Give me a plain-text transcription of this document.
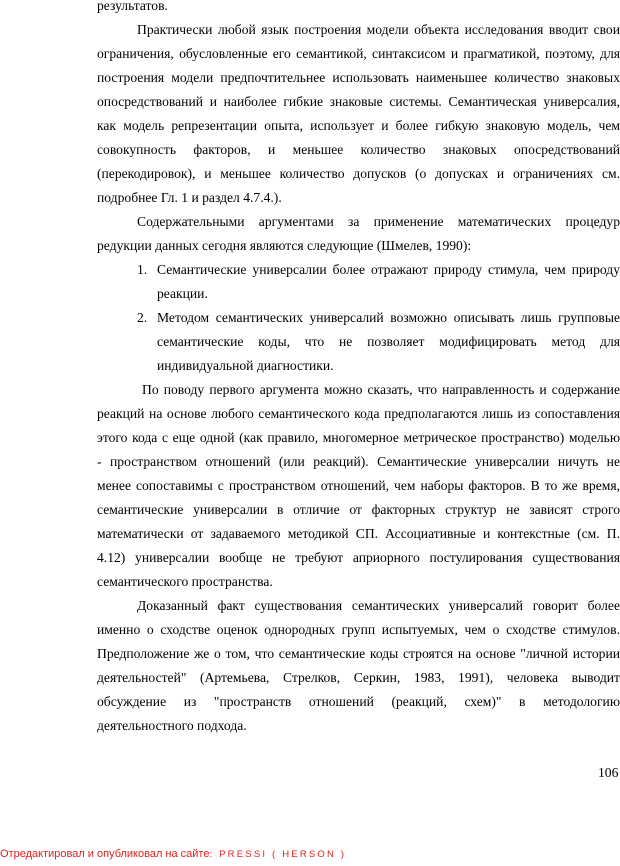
результатов.
Практически любой язык построения модели объекта исследования вводит свои
ограничения, обусловленные его семантикой, синтаксисом и прагматикой, поэтому, для
построения модели предпочтительнее использовать наименьшее количество знаковых
опосредствований и наиболее гибкие знаковые системы. Семантическая универсалия,
как модель репрезентации опыта, использует и более гибкую знаковую модель, чем
совокупность факторов, и меньшее количество знаковых опосредствований
(перекодировок), и меньшее количество допусков (о допусках и ограничениях см.
подробнее Гл. 1 и раздел 4.7.4.).
Содержательными аргументами за применение математических процедур
редукции данных сегодня являются следующие (Шмелев, 1990):
1. Семантические универсалии более отражают природу стимула, чем природу
реакции.
2. Методом семантических универсалий возможно описывать лишь групповые
семантические коды, что не позволяет модифицировать метод для
индивидуальной диагностики.
По поводу первого аргумента можно сказать, что направленность и содержание
реакций на основе любого семантического кода предполагаются лишь из сопоставления
этого кода с еще одной (как правило, многомерное метрическое пространство) моделью
- пространством отношений (или реакций). Семантические универсалии ничуть не
менее сопоставимы с пространством отношений, чем наборы факторов. В то же время,
семантические универсалии в отличие от факторных структур не зависят строго
математически от задаваемого методикой СП. Ассоциативные и контекстные (см. П.
4.12) универсалии вообще не требуют априорного постулирования существования
семантического пространства.
Доказанный факт существования семантических универсалий говорит более
именно о сходстве оценок однородных групп испытуемых, чем о сходстве стимулов.
Предположение же о том, что семантические коды строятся на основе "личной истории
деятельностей" (Артемьева, Стрелков, Серкин, 1983, 1991), человека выводит
обсуждение из "пространств отношений (реакций, схем)" в методологию
деятельностного подхода.
106
Отредактировал и опубликовал на сайте: PRESSI ( HERSON )
